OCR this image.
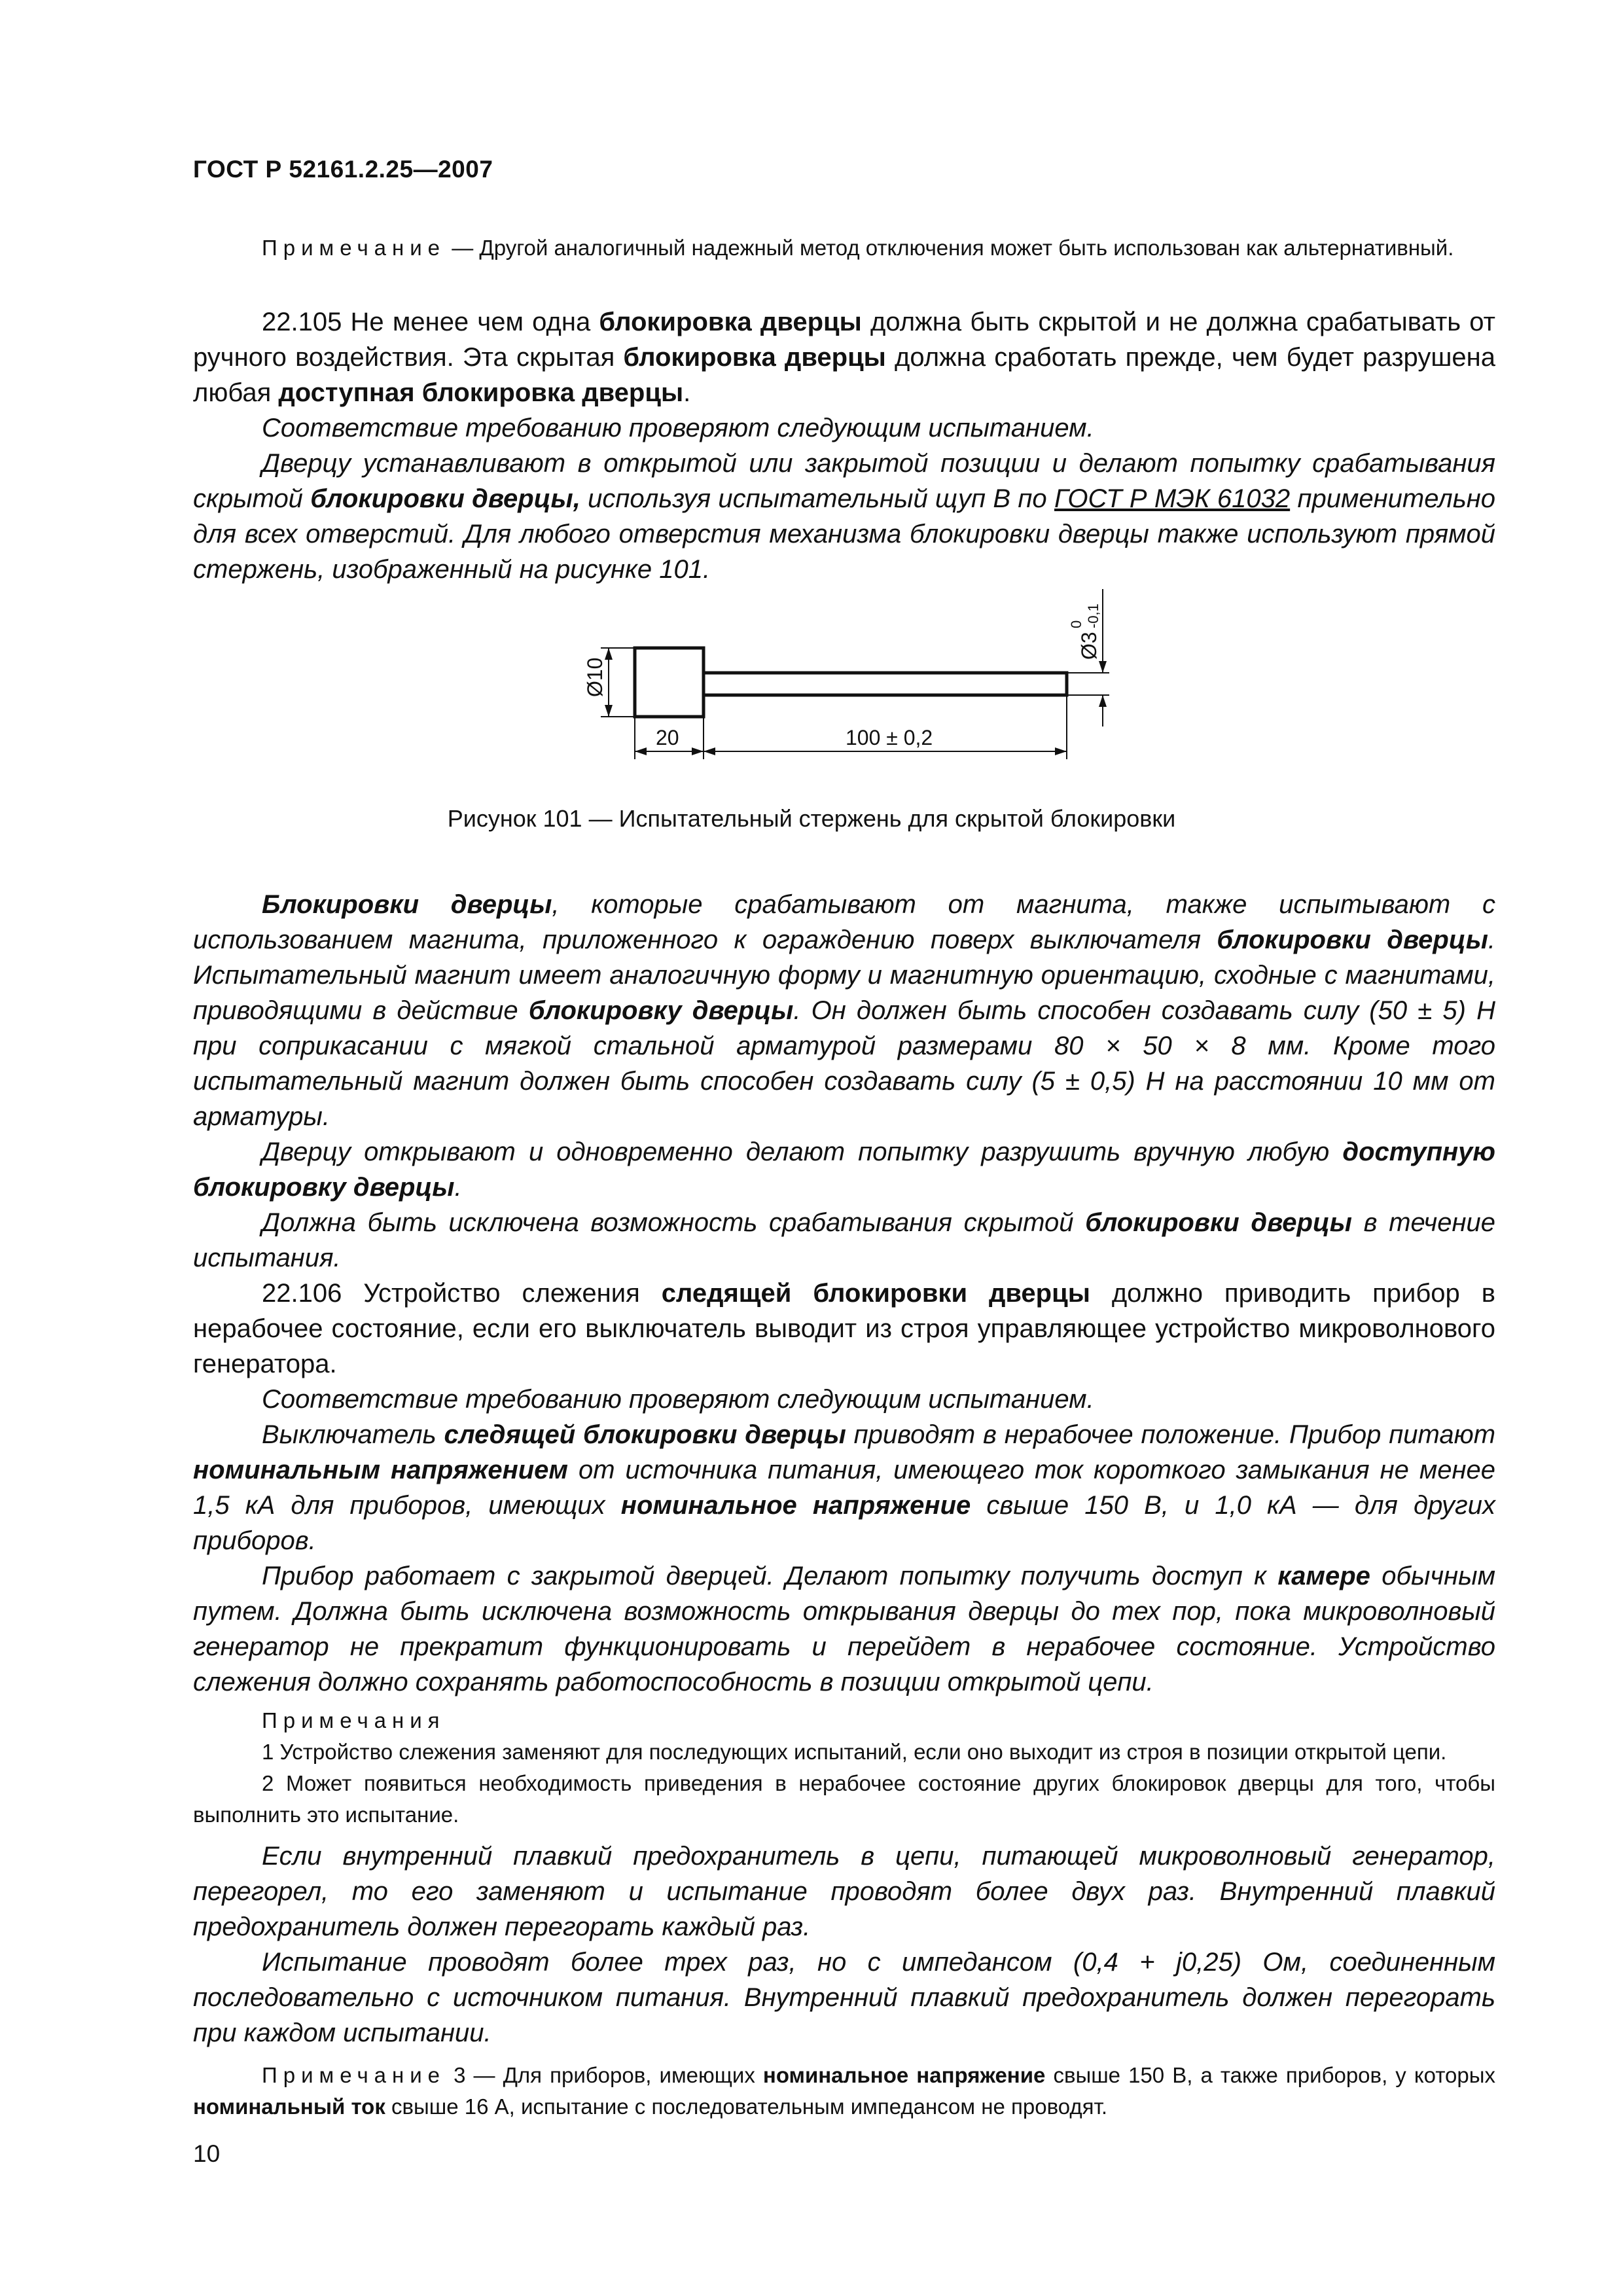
ГОСТ Р 52161.2.25—2007

Примечание — Другой аналогичный надежный метод отключения может быть использован как альтернативный.

22.105 Не менее чем одна блокировка дверцы должна быть скрытой и не должна срабатывать от ручного воздействия. Эта скрытая блокировка дверцы должна сработать прежде, чем будет разрушена любая доступная блокировка дверцы.

Соответствие требованию проверяют следующим испытанием.

Дверцу устанавливают в открытой или закрытой позиции и делают попытку срабатывания скрытой блокировки дверцы, используя испытательный щуп В по ГОСТ Р МЭК 61032 применительно для всех отверстий. Для любого отверстия механизма блокировки дверцы также используют прямой стержень, изображенный на рисунке 101.

Ø10
20	100 ± 0,2
Ø3
0 -0,1
Рисунок 101 — Испытательный стержень для скрытой блокировки

Блокировки дверцы, которые срабатывают от магнита, также испытывают с использованием магнита, приложенного к ограждению поверх выключателя блокировки дверцы. Испытательный магнит имеет аналогичную форму и магнитную ориентацию, сходные с магнитами, приводящими в действие блокировку дверцы. Он должен быть способен создавать силу (50 ± 5) Н при соприкасании с мягкой стальной арматурой размерами 80 × 50 × 8 мм. Кроме того испытательный магнит должен быть способен создавать силу (5 ± 0,5) Н на расстоянии 10 мм от арматуры.

Дверцу открывают и одновременно делают попытку разрушить вручную любую доступную блокировку дверцы.

Должна быть исключена возможность срабатывания скрытой блокировки дверцы в течение испытания.

22.106 Устройство слежения следящей блокировки дверцы должно приводить прибор в нерабочее состояние, если его выключатель выводит из строя управляющее устройство микроволнового генератора.

Соответствие требованию проверяют следующим испытанием.

Выключатель следящей блокировки дверцы приводят в нерабочее положение. Прибор питают номинальным напряжением от источника питания, имеющего ток короткого замыкания не менее 1,5 кА для приборов, имеющих номинальное напряжение свыше 150 В, и 1,0 кА — для других приборов.

Прибор работает с закрытой дверцей. Делают попытку получить доступ к камере обычным путем. Должна быть исключена возможность открывания дверцы до тех пор, пока микроволновый генератор не прекратит функционировать и перейдет в нерабочее состояние. Устройство слежения должно сохранять работоспособность в позиции открытой цепи.

Примечания

1 Устройство слежения заменяют для последующих испытаний, если оно выходит из строя в позиции открытой цепи.

2 Может появиться необходимость приведения в нерабочее состояние других блокировок дверцы для того, чтобы выполнить это испытание.

Если внутренний плавкий предохранитель в цепи, питающей микроволновый генератор, перегорел, то его заменяют и испытание проводят более двух раз. Внутренний плавкий предохранитель должен перегорать каждый раз.

Испытание проводят более трех раз, но с импедансом (0,4 + j0,25) Ом, соединенным последовательно с источником питания. Внутренний плавкий предохранитель должен перегорать при каждом испытании.

Примечание 3 — Для приборов, имеющих номинальное напряжение свыше 150 В, а также приборов, у которых номинальный ток свыше 16 А, испытание с последовательным импедансом не проводят.

10
